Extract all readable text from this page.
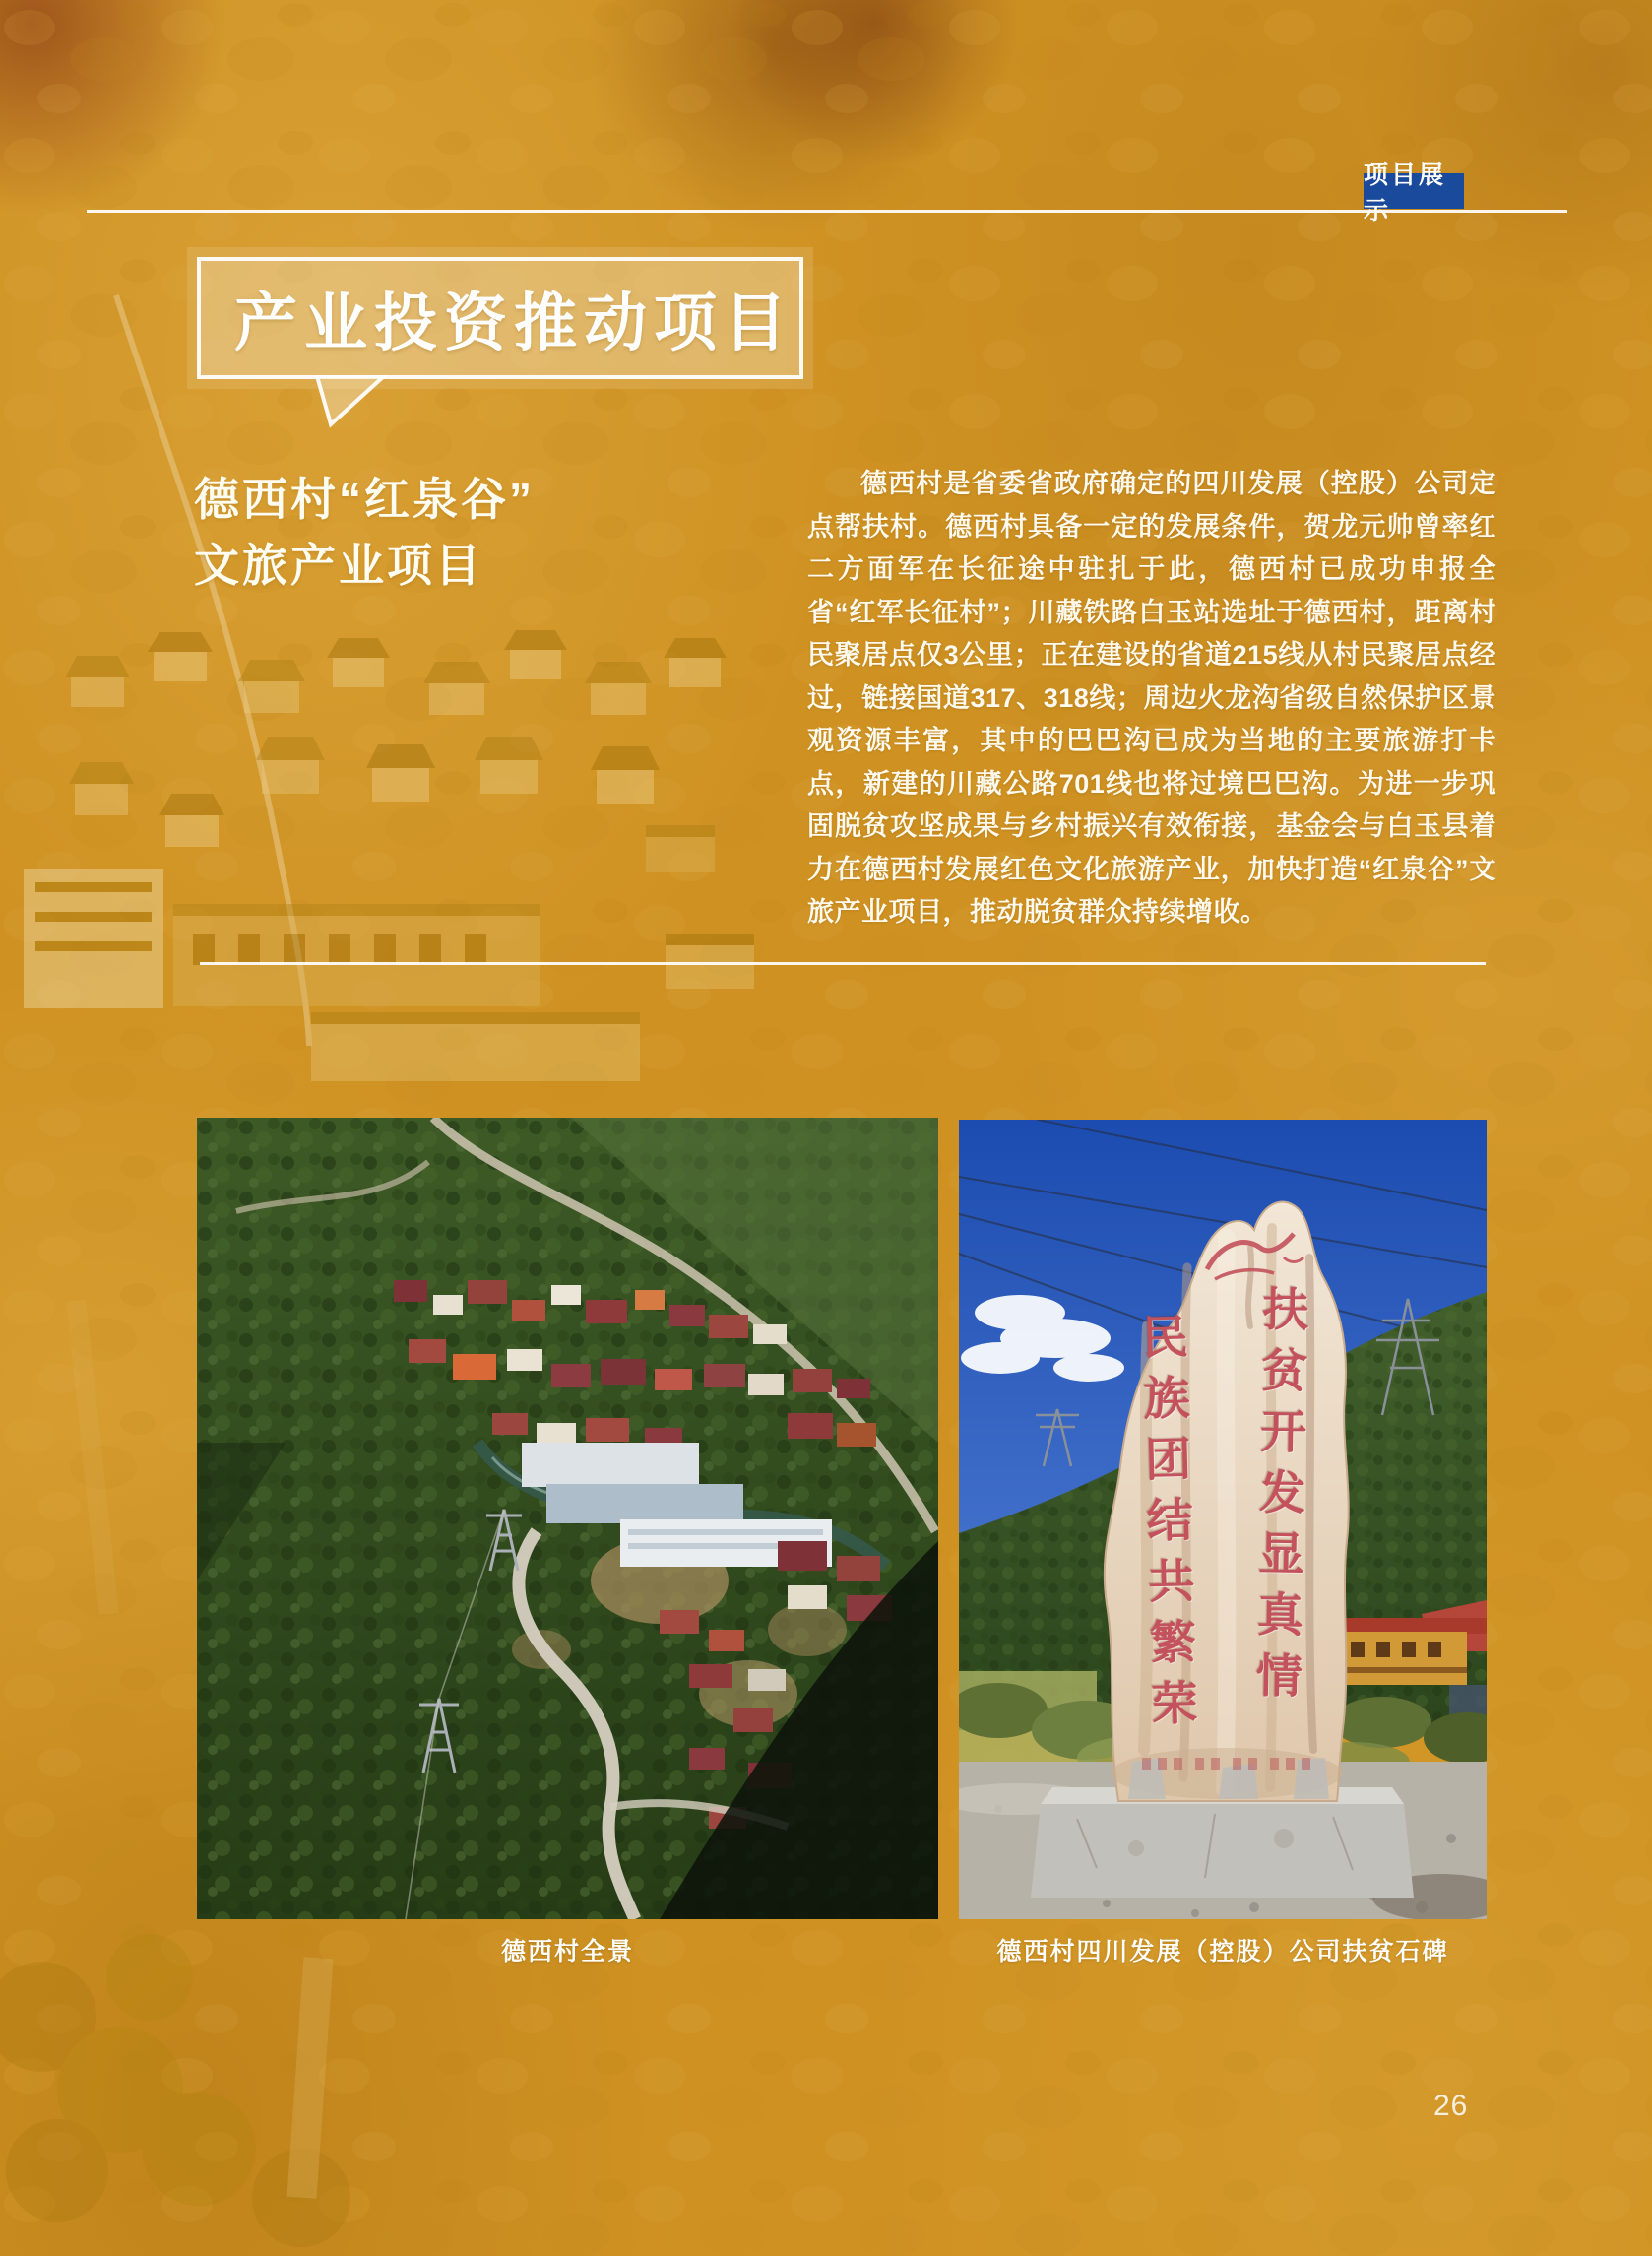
项目展示
产业投资推动项目
德西村“红泉谷”
文旅产业项目
德西村是省委省政府确定的四川发展（控股）公司定点帮扶村。德西村具备一定的发展条件，贺龙元帅曾率红二方面军在长征途中驻扎于此，德西村已成功申报全省“红军长征村”；川藏铁路白玉站选址于德西村，距离村民聚居点仅3公里；正在建设的省道215线从村民聚居点经过，链接国道317、318线；周边火龙沟省级自然保护区景观资源丰富，其中的巴巴沟已成为当地的主要旅游打卡点，新建的川藏公路701线也将过境巴巴沟。为进一步巩固脱贫攻坚成果与乡村振兴有效衔接，基金会与白玉县着力在德西村发展红色文化旅游产业，加快打造“红泉谷”文旅产业项目，推动脱贫群众持续增收。
扶贫开发显真情
民族团结共繁荣
德西村全景	德西村四川发展（控股）公司扶贫石碑
26
